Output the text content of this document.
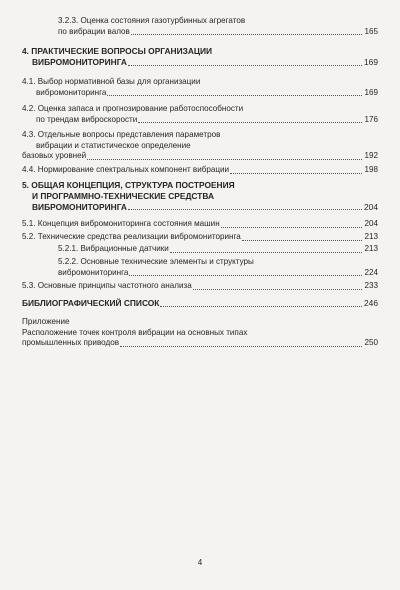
3.2.3. Оценка состояния газотурбинных агрегатов
по вибрации валов	165
4. ПРАКТИЧЕСКИЕ ВОПРОСЫ ОРГАНИЗАЦИИ
ВИБРОМОНИТОРИНГА	169
4.1. Выбор нормативной базы для организации
вибромониторинга	169
4.2. Оценка запаса и прогнозирование работоспособности
по трендам виброскорости	176
4.3. Отдельные вопросы представления параметров
вибрации и статистическое определение
базовых уровней	192
4.4. Нормирование спектральных компонент вибрации	198
5. ОБЩАЯ КОНЦЕПЦИЯ, СТРУКТУРА ПОСТРОЕНИЯ
И ПРОГРАММНО-ТЕХНИЧЕСКИЕ СРЕДСТВА
ВИБРОМОНИТОРИНГА	204
5.1. Концепция вибромониторинга состояния машин	204
5.2. Технические средства реализации вибромониторинга	213
5.2.1. Вибрационные датчики	213
5.2.2. Основные технические элементы и структуры
вибромониторинга	224
5.3. Основные принципы частотного анализа	233
БИБЛИОГРАФИЧЕСКИЙ СПИСОК	246
Приложение
Расположение точек контроля вибрации на основных типах
промышленных приводов	250
4
